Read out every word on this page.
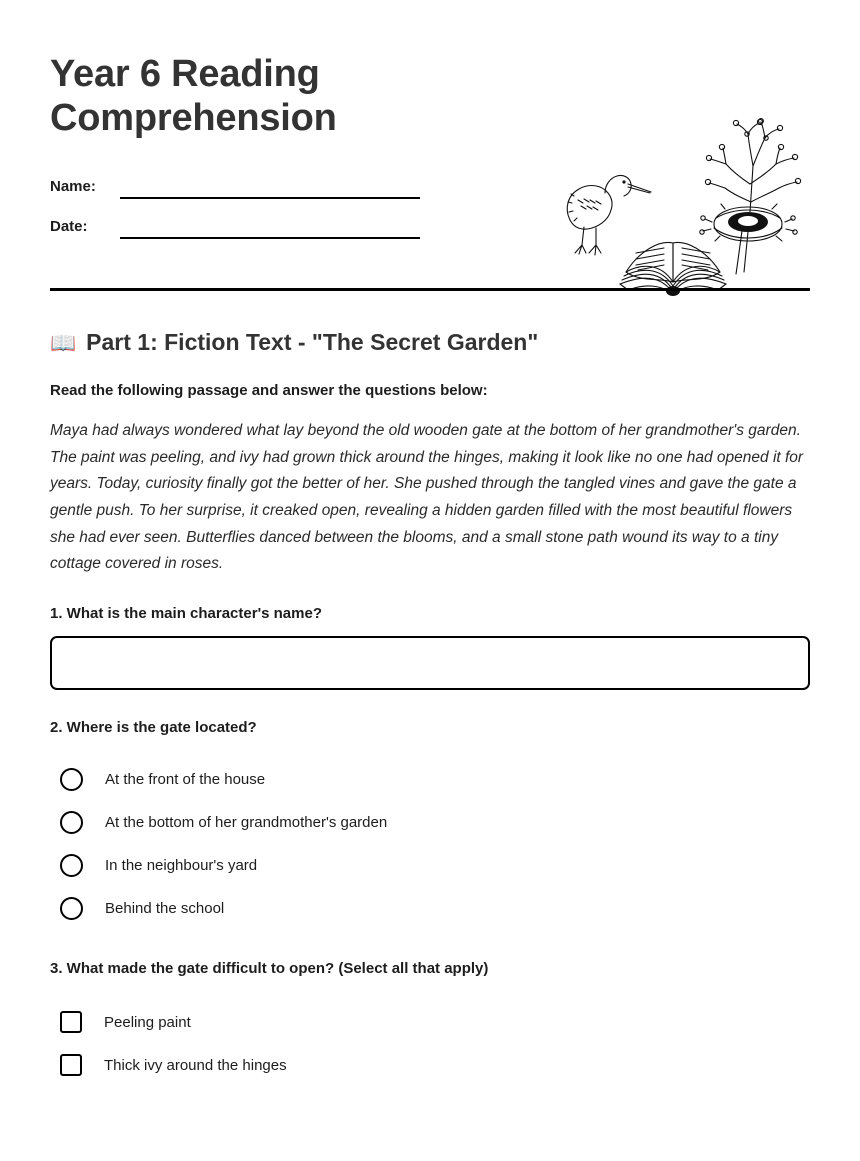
Year 6 Reading Comprehension
Name:
Date:
📖 Part 1: Fiction Text - "The Secret Garden"

Read the following passage and answer the questions below:

Maya had always wondered what lay beyond the old wooden gate at the bottom of her grandmother's garden. The paint was peeling, and ivy had grown thick around the hinges, making it look like no one had opened it for years. Today, curiosity finally got the better of her. She pushed through the tangled vines and gave the gate a gentle push. To her surprise, it creaked open, revealing a hidden garden filled with the most beautiful flowers she had ever seen. Butterflies danced between the blooms, and a small stone path wound its way to a tiny cottage covered in roses.

1. What is the main character's name?

2. Where is the gate located?

At the front of the house
At the bottom of her grandmother's garden
In the neighbour's yard
Behind the school

3. What made the gate difficult to open? (Select all that apply)

Peeling paint
Thick ivy around the hinges
